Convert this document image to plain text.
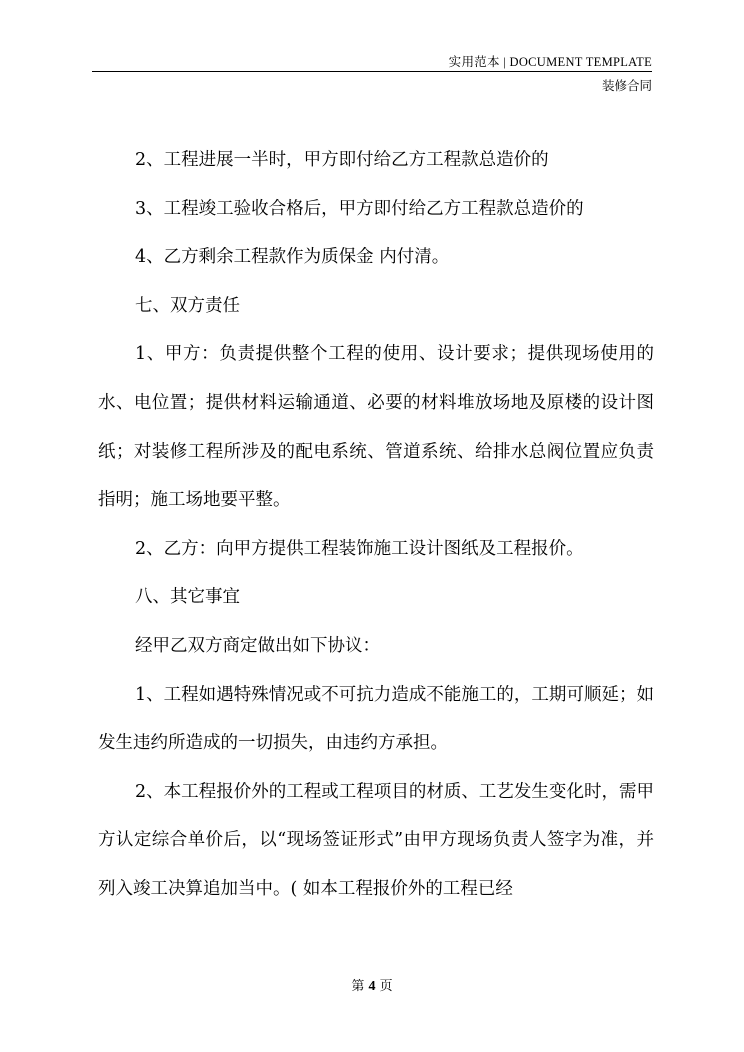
实用范本 | DOCUMENT TEMPLATE
装修合同

2、工程进展一半时，甲方即付给乙方工程款总造价的

3、工程竣工验收合格后，甲方即付给乙方工程款总造价的

4、乙方剩余工程款作为质保金 内付清。

七、双方责任

1、甲方：负责提供整个工程的使用、设计要求；提供现场使用的水、电位置；提供材料运输通道、必要的材料堆放场地及原楼的设计图纸；对装修工程所涉及的配电系统、管道系统、给排水总阀位置应负责指明；施工场地要平整。

2、乙方：向甲方提供工程装饰施工设计图纸及工程报价。

八、其它事宜

经甲乙双方商定做出如下协议：

1、工程如遇特殊情况或不可抗力造成不能施工的，工期可顺延；如发生违约所造成的一切损失，由违约方承担。

2、本工程报价外的工程或工程项目的材质、工艺发生变化时，需甲方认定综合单价后，以“现场签证形式”由甲方现场负责人签字为准，并列入竣工决算追加当中。( 如本工程报价外的工程已经

第 4 页
